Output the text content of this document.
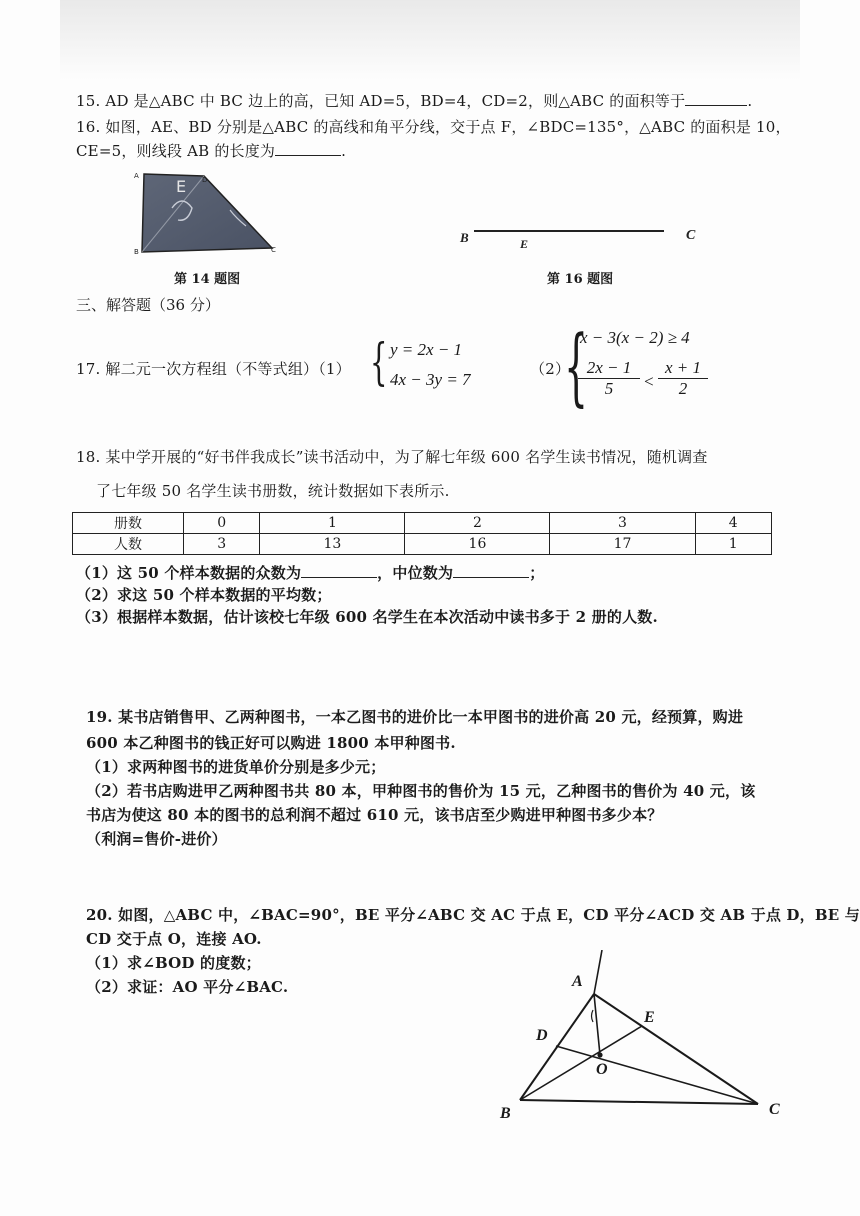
15. AD 是△ABC 中 BC 边上的高，已知 AD=5，BD=4，CD=2，则△ABC 的面积等于	.
16. 如图，AE、BD 分别是△ABC 的高线和角平分线，交于点 F，∠BDC=135°，△ABC 的面积是 10，
CE=5，则线段 AB 的长度为	.
A
E D
B	C
第 14 题图
B	E
C
第 16 题图
三、解答题（36 分）
17. 解二元一次方程组（不等式组）（1） { y = 2x − 1
4x − 3y = 7
（2）
{
x − 3(x − 2) ≥ 4
$\frac{2x - 1}{5} < \frac{x + 1}{2}$
18. 某中学开展的“好书伴我成长”读书活动中，为了解七年级 600 名学生读书情况，随机调查
了七年级 50 名学生读书册数，统计数据如下表所示.
册数	0	1	2	3	4
人数	3	13	16	17	1
（1）这 50 个样本数据的众数为	，中位数为	；
（2）求这 50 个样本数据的平均数；
（3）根据样本数据，估计该校七年级 600 名学生在本次活动中读书多于 2 册的人数.
19. 某书店销售甲、乙两种图书，一本乙图书的进价比一本甲图书的进价高 20 元，经预算，购进
600 本乙种图书的钱正好可以购进 1800 本甲种图书.
（1）求两种图书的进货单价分别是多少元；
（2）若书店购进甲乙两种图书共 80 本，甲种图书的售价为 15 元，乙种图书的售价为 40 元，该
书店为使这 80 本的图书的总利润不超过 610 元，该书店至少购进甲种图书多少本？
（利润=售价-进价）
20. 如图，△ABC 中，∠BAC=90°，BE 平分∠ABC 交 AC 于点 E，CD 平分∠ACD 交 AB 于点 D，BE 与
CD 交于点 O，连接 AO.
（1）求∠BOD 的度数；
（2）求证：AO 平分∠BAC.	A
B	C
D
E
O
